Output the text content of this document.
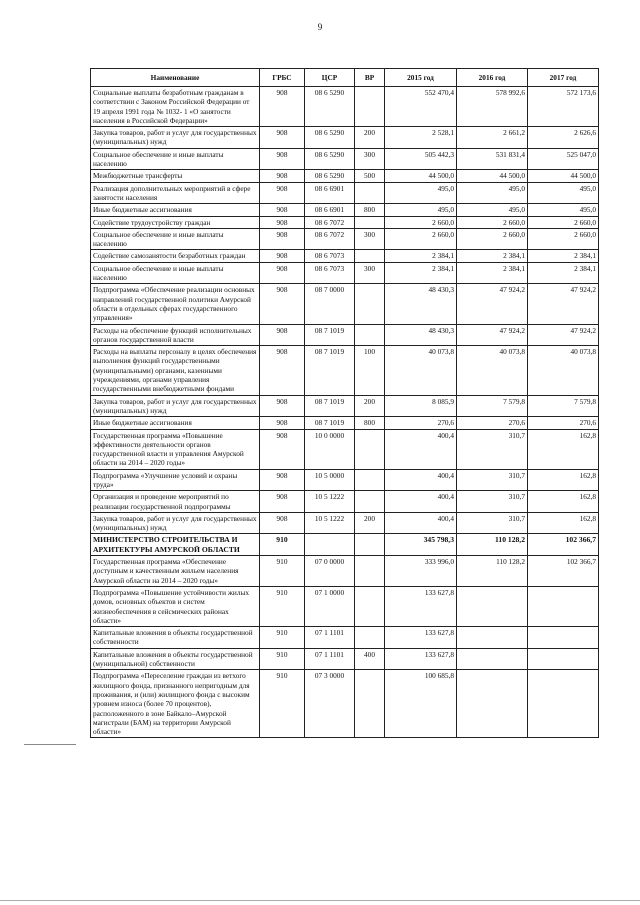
9
Наименование	ГРБС	ЦСР	ВР	2015 год	2016 год	2017 год
Социальные выплаты безработным гражданам в соответствии с Законом Российской Федерации от 19 апреля 1991 года № 1032- 1 «О занятости населения в Российской Федерации»	908	08 6 5290		552 470,4	578 992,6	572 173,6
Закупка товаров, работ и услуг для государственных (муниципальных) нужд	908	08 6 5290	200	2 528,1	2 661,2	2 626,6
Социальное обеспечение и иные выплаты населению	908	08 6 5290	300	505 442,3	531 831,4	525 047,0
Межбюджетные трансферты	908	08 6 5290	500	44 500,0	44 500,0	44 500,0
Реализация дополнительных мероприятий в сфере занятости населения	908	08 6 6901		495,0	495,0	495,0
Иные бюджетные ассигнования	908	08 6 6901	800	495,0	495,0	495,0
Содействие трудоустройству граждан	908	08 6 7072		2 660,0	2 660,0	2 660,0
Социальное обеспечение и иные выплаты населению	908	08 6 7072	300	2 660,0	2 660,0	2 660,0
Содействие самозанятости безработных граждан	908	08 6 7073		2 384,1	2 384,1	2 384,1
Социальное обеспечение и иные выплаты населению	908	08 6 7073	300	2 384,1	2 384,1	2 384,1
Подпрограмма «Обеспечение реализации основных направлений государственной политики Амурской области в отдельных сферах государственного управления»	908	08 7 0000		48 430,3	47 924,2	47 924,2
Расходы на обеспечение функций исполнительных органов государственной власти	908	08 7 1019		48 430,3	47 924,2	47 924,2
Расходы на выплаты персоналу в целях обеспечения выполнения функций государственными (муниципальными) органами, казенными учреждениями, органами управления государственными внебюджетными фондами	908	08 7 1019	100	40 073,8	40 073,8	40 073,8
Закупка товаров, работ и услуг для государственных (муниципальных) нужд	908	08 7 1019	200	8 085,9	7 579,8	7 579,8
Иные бюджетные ассигнования	908	08 7 1019	800	270,6	270,6	270,6
Государственная программа «Повышение эффективности деятельности органов государственной власти и управления Амурской области на 2014 – 2020 годы»	908	10 0 0000		400,4	310,7	162,8
Подпрограмма «Улучшение условий и охраны труда»	908	10 5 0000		400,4	310,7	162,8
Организация и проведение мероприятий по реализации государственной подпрограммы	908	10 5 1222		400,4	310,7	162,8
Закупка товаров, работ и услуг для государственных (муниципальных) нужд	908	10 5 1222	200	400,4	310,7	162,8
МИНИСТЕРСТВО СТРОИТЕЛЬСТВА И АРХИТЕКТУРЫ АМУРСКОЙ ОБЛАСТИ	910			345 798,3	110 128,2	102 366,7
Государственная программа «Обеспечение доступным и качественным жильем населения Амурской области на 2014 – 2020 годы»	910	07 0 0000		333 996,0	110 128,2	102 366,7
Подпрограмма «Повышение устойчивости жилых домов, основных объектов и систем жизнеобеспечения в сейсмических районах области»	910	07 1 0000		133 627,8		
Капитальные вложения в объекты государственной собственности	910	07 1 1101		133 627,8		
Капитальные вложения в объекты государственной (муниципальной) собственности	910	07 1 1101	400	133 627,8		
Подпрограмма «Переселение граждан из ветхого жилищного фонда, признанного непригодным для проживания, и (или) жилищного фонда с высоким уровнем износа (более 70 процентов), расположенного в зоне Байкало–Амурской магистрали (БАМ) на территории Амурской области»	910	07 3 0000		100 685,8		
